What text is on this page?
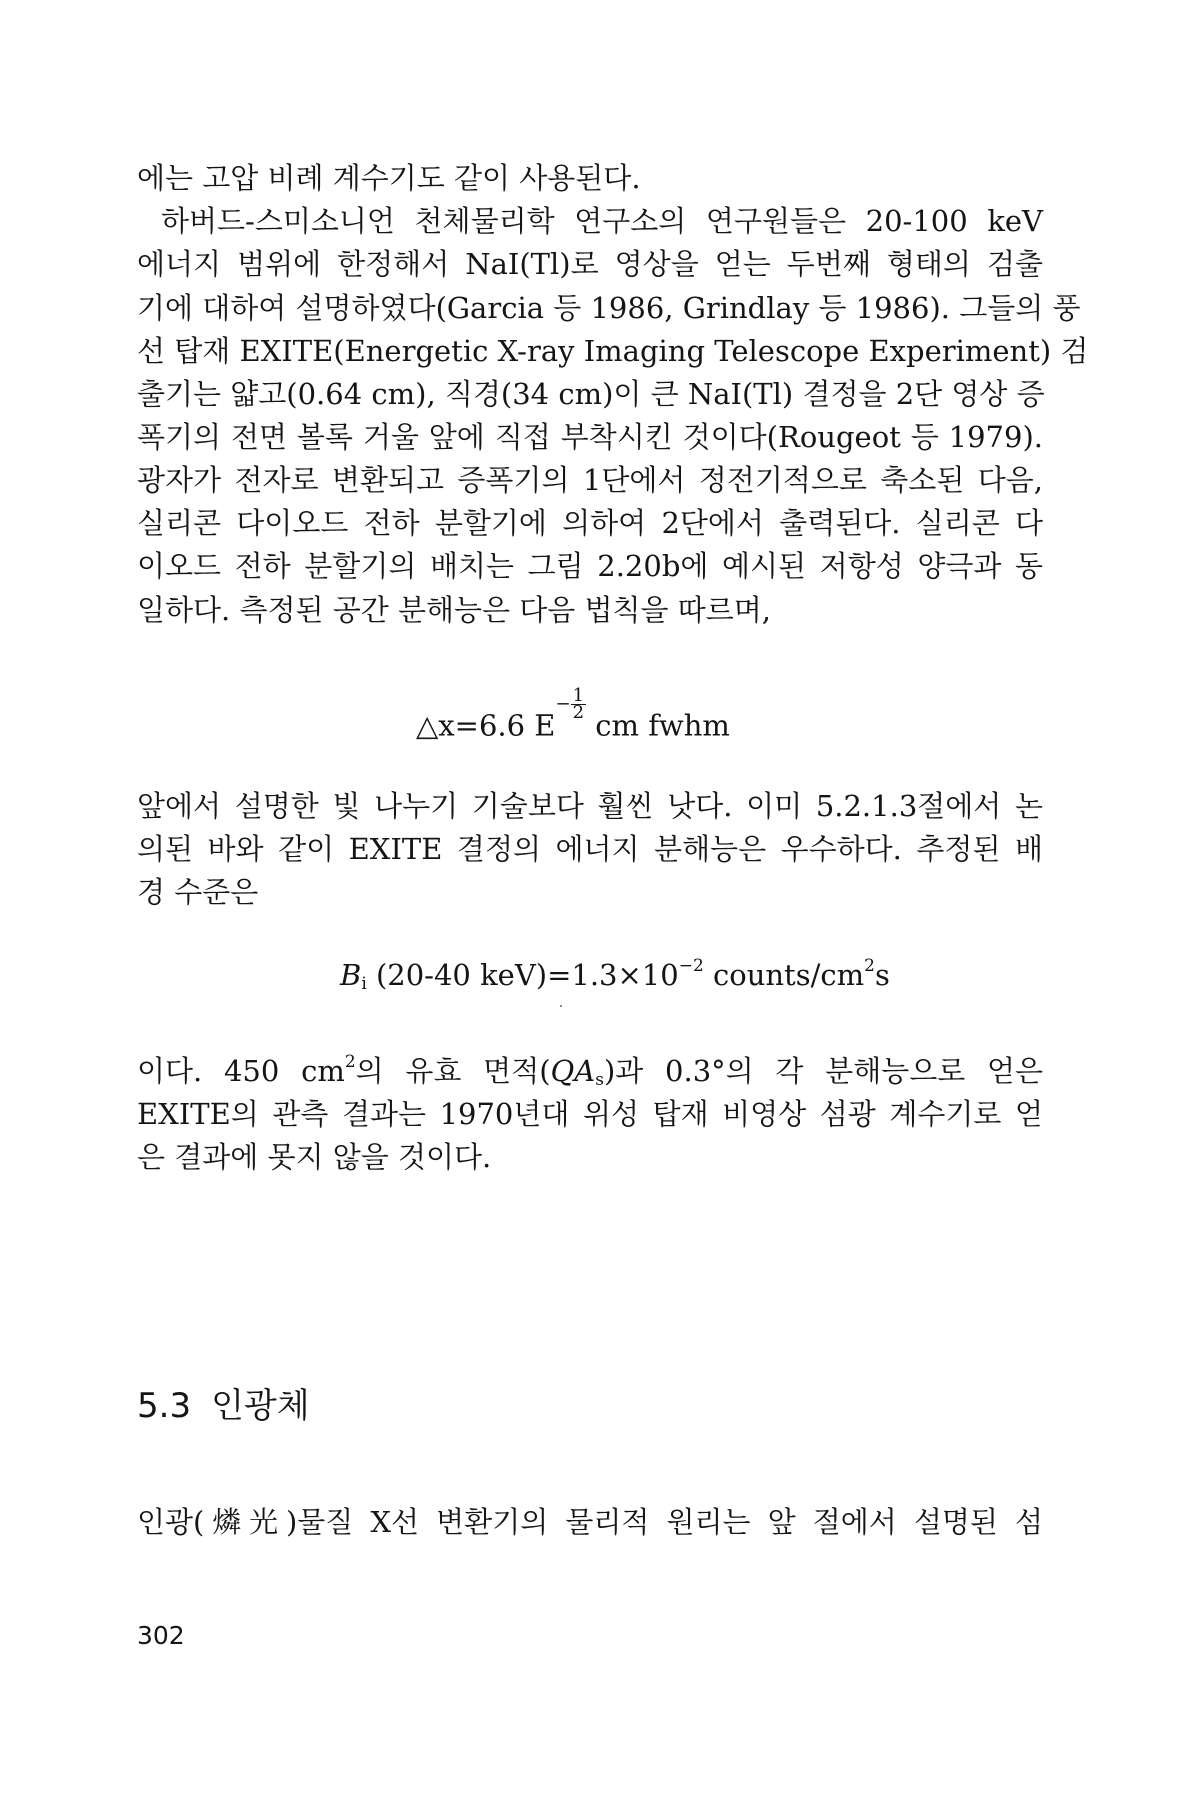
에는 고압 비례 계수기도 같이 사용된다.
하버드-스미소니언 천체물리학 연구소의 연구원들은 20-100 keV
에너지 범위에 한정해서 NaI(Tl)로 영상을 얻는 두번째 형태의 검출
기에 대하여 설명하였다(Garcia 등 1986, Grindlay 등 1986). 그들의 풍
선 탑재 EXITE(Energetic X-ray Imaging Telescope Experiment) 검
출기는 얇고(0.64 cm), 직경(34 cm)이 큰 NaI(Tl) 결정을 2단 영상 증
폭기의 전면 볼록 거울 앞에 직접 부착시킨 것이다(Rougeot 등 1979).
광자가 전자로 변환되고 증폭기의 1단에서 정전기적으로 축소된 다음,
실리콘 다이오드 전하 분할기에 의하여 2단에서 출력된다. 실리콘 다
이오드 전하 분할기의 배치는 그림 2.20b에 예시된 저항성 양극과 동
일하다. 측정된 공간 분해능은 다음 법칙을 따르며,
△x=6.6 $E^{- \frac{1}{2}}$
cm fwhm
앞에서 설명한 빛 나누기 기술보다 훨씬 낫다. 이미 5.2.1.3절에서 논
의된 바와 같이 EXITE 결정의 에너지 분해능은 우수하다. 추정된 배
경 수준은
$B_i$ (20-40 $keV)=1.3\times 10^{-2}$ counts/$cm^2s$
이다. 450 $cm^2$의 유효 면적$(QA_s)$과 0.3°의 각 분해능으로 얻은
EXITE의 관측 결과는 1970년대 위성 탑재 비영상 섬광 계수기로 얻
은 결과에 못지 않을 것이다.
5.3 인광체
인광(燐光)물질 X선 변환기의 물리적 원리는 앞 절에서 설명된 섬
302
